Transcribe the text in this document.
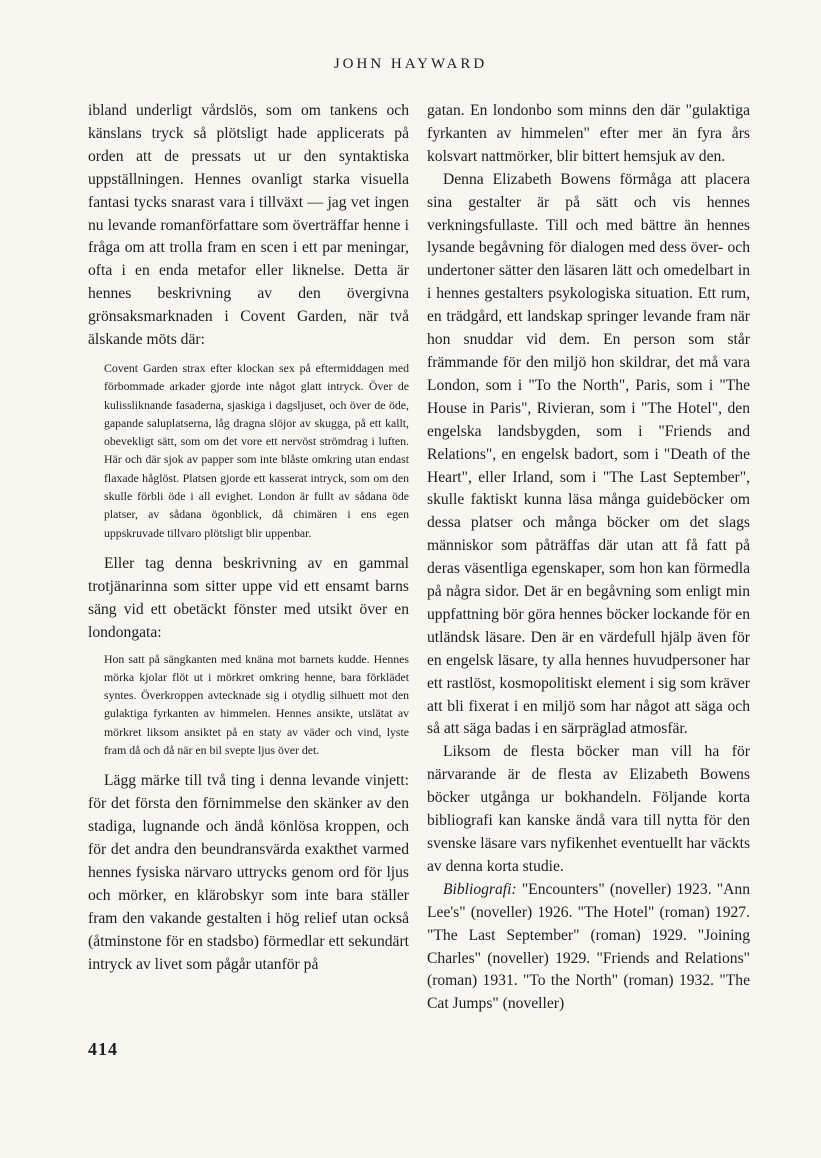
JOHN HAYWARD

ibland underligt vårdslös, som om tankens och känslans tryck så plötsligt hade applicerats på orden att de pressats ut ur den syntaktiska uppställningen. Hennes ovanligt starka visuella fantasi tycks snarast vara i tillväxt — jag vet ingen nu levande romanförfattare som överträffar henne i fråga om att trolla fram en scen i ett par meningar, ofta i en enda metafor eller liknelse. Detta är hennes beskrivning av den övergivna grönsaksmarknaden i Covent Garden, när två älskande möts där:

Covent Garden strax efter klockan sex på eftermiddagen med förbommade arkader gjorde inte något glatt intryck. Över de kulissliknande fasaderna, sjaskiga i dagsljuset, och över de öde, gapande saluplatserna, låg dragna slöjor av skugga, på ett kallt, obevekligt sätt, som om det vore ett nervöst strömdrag i luften. Här och där sjok av papper som inte blåste omkring utan endast flaxade håglöst. Platsen gjorde ett kasserat intryck, som om den skulle förbli öde i all evighet. London är fullt av sådana öde platser, av sådana ögonblick, då chimären i ens egen uppskruvade tillvaro plötsligt blir uppenbar.

Eller tag denna beskrivning av en gammal trotjänarinna som sitter uppe vid ett ensamt barns säng vid ett obetäckt fönster med utsikt över en londongata:

Hon satt på sängkanten med knäna mot barnets kudde. Hennes mörka kjolar flöt ut i mörkret omkring henne, bara förklädet syntes. Överkroppen avtecknade sig i otydlig silhuett mot den gulaktiga fyrkanten av himmelen. Hennes ansikte, utslätat av mörkret liksom ansiktet på en staty av väder och vind, lyste fram då och då när en bil svepte ljus över det.

Lägg märke till två ting i denna levande vinjett: för det första den förnimmelse den skänker av den stadiga, lugnande och ändå könlösa kroppen, och för det andra den beundransvärda exakthet varmed hennes fysiska närvaro uttrycks genom ord för ljus och mörker, en klärobskyr som inte bara ställer fram den vakande gestalten i hög relief utan också (åtminstone för en stadsbo) förmedlar ett sekundärt intryck av livet som pågår utanför på

gatan. En londonbo som minns den där "gulaktiga fyrkanten av himmelen" efter mer än fyra års kolsvart nattmörker, blir bittert hemsjuk av den.

Denna Elizabeth Bowens förmåga att placera sina gestalter är på sätt och vis hennes verkningsfullaste. Till och med bättre än hennes lysande begåvning för dialogen med dess över- och undertoner sätter den läsaren lätt och omedelbart in i hennes gestalters psykologiska situation. Ett rum, en trädgård, ett landskap springer levande fram när hon snuddar vid dem. En person som står främmande för den miljö hon skildrar, det må vara London, som i "To the North", Paris, som i "The House in Paris", Rivieran, som i "The Hotel", den engelska landsbygden, som i "Friends and Relations", en engelsk badort, som i "Death of the Heart", eller Irland, som i "The Last September", skulle faktiskt kunna läsa många guideböcker om dessa platser och många böcker om det slags människor som påträffas där utan att få fatt på deras väsentliga egenskaper, som hon kan förmedla på några sidor. Det är en begåvning som enligt min uppfattning bör göra hennes böcker lockande för en utländsk läsare. Den är en värdefull hjälp även för en engelsk läsare, ty alla hennes huvudpersoner har ett rastlöst, kosmopolitiskt element i sig som kräver att bli fixerat i en miljö som har något att säga och så att säga badas i en särpräglad atmosfär.

Liksom de flesta böcker man vill ha för närvarande är de flesta av Elizabeth Bowens böcker utgånga ur bokhandeln. Följande korta bibliografi kan kanske ändå vara till nytta för den svenske läsare vars nyfikenhet eventuellt har väckts av denna korta studie.

Bibliografi: "Encounters" (noveller) 1923. "Ann Lee's" (noveller) 1926. "The Hotel" (roman) 1927. "The Last September" (roman) 1929. "Joining Charles" (noveller) 1929. "Friends and Relations" (roman) 1931. "To the North" (roman) 1932. "The Cat Jumps" (noveller)

414
